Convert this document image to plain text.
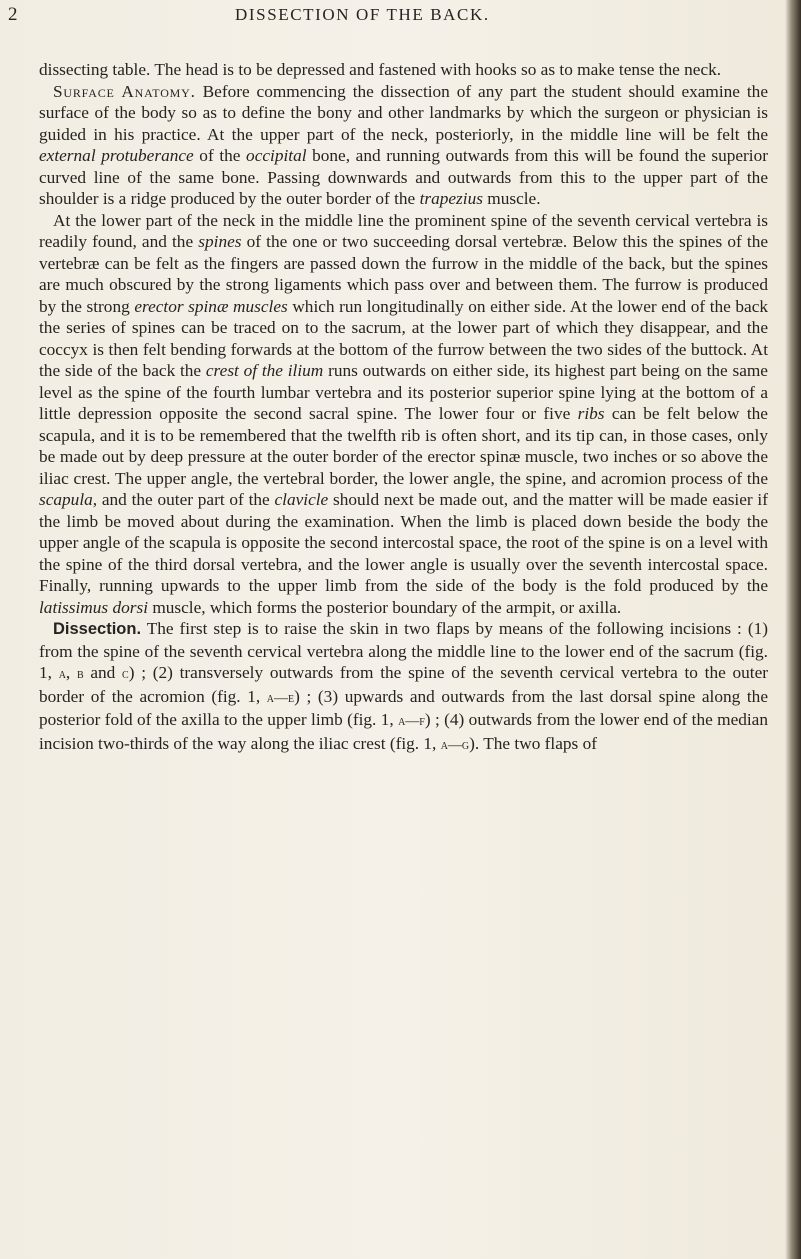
2	DISSECTION OF THE BACK.

dissecting table. The head is to be depressed and fastened with hooks so as to make tense the neck.

Surface Anatomy. Before commencing the dissection of any part the student should examine the surface of the body so as to define the bony and other landmarks by which the surgeon or physician is guided in his practice. At the upper part of the neck, posteriorly, in the middle line will be felt the external protuberance of the occipital bone, and running outwards from this will be found the superior curved line of the same bone. Passing downwards and outwards from this to the upper part of the shoulder is a ridge produced by the outer border of the trapezius muscle.

At the lower part of the neck in the middle line the prominent spine of the seventh cervical vertebra is readily found, and the spines of the one or two succeeding dorsal vertebræ. Below this the spines of the vertebræ can be felt as the fingers are passed down the furrow in the middle of the back, but the spines are much obscured by the strong ligaments which pass over and between them. The furrow is produced by the strong erector spinæ muscles which run longitudinally on either side. At the lower end of the back the series of spines can be traced on to the sacrum, at the lower part of which they disappear, and the coccyx is then felt bending forwards at the bottom of the furrow between the two sides of the buttock. At the side of the back the crest of the ilium runs outwards on either side, its highest part being on the same level as the spine of the fourth lumbar vertebra and its posterior superior spine lying at the bottom of a little depression opposite the second sacral spine. The lower four or five ribs can be felt below the scapula, and it is to be remembered that the twelfth rib is often short, and its tip can, in those cases, only be made out by deep pressure at the outer border of the erector spinæ muscle, two inches or so above the iliac crest. The upper angle, the vertebral border, the lower angle, the spine, and acromion process of the scapula, and the outer part of the clavicle should next be made out, and the matter will be made easier if the limb be moved about during the examination. When the limb is placed down beside the body the upper angle of the scapula is opposite the second intercostal space, the root of the spine is on a level with the spine of the third dorsal vertebra, and the lower angle is usually over the seventh intercostal space. Finally, running upwards to the upper limb from the side of the body is the fold produced by the latissimus dorsi muscle, which forms the posterior boundary of the armpit, or axilla.

Dissection. The first step is to raise the skin in two flaps by means of the following incisions : (1) from the spine of the seventh cervical vertebra along the middle line to the lower end of the sacrum (fig. 1, a, b and c) ; (2) transversely outwards from the spine of the seventh cervical vertebra to the outer border of the acromion (fig. 1, a—e) ; (3) upwards and outwards from the last dorsal spine along the posterior fold of the axilla to the upper limb (fig. 1, a—f) ; (4) outwards from the lower end of the median incision two-thirds of the way along the iliac crest (fig. 1, a—g). The two flaps of
